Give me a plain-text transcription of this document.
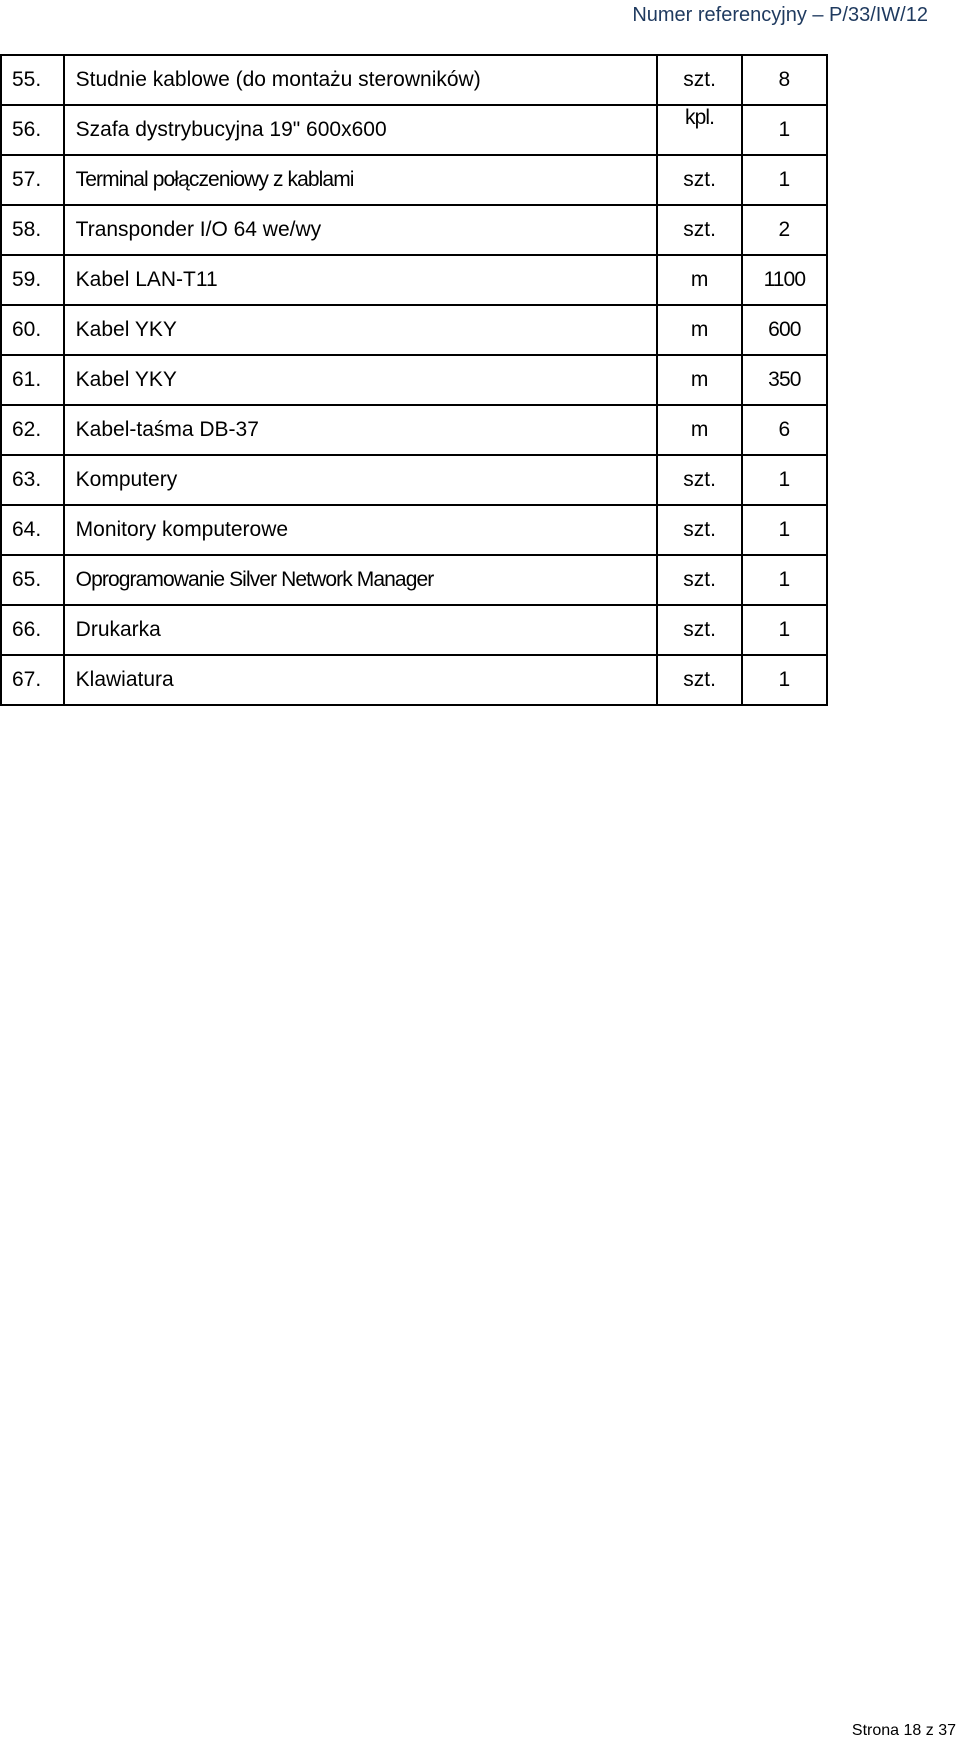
Numer referencyjny – P/33/IW/12
55.	Studnie kablowe (do montażu sterowników)	szt.	8
56.	Szafa dystrybucyjna 19" 600x600	kpl.	1
57.	Terminal połączeniowy z kablami	szt.	1
58.	Transponder I/O 64 we/wy	szt.	2
59.	Kabel LAN-T11	m	1100
60.	Kabel YKY	m	600
61.	Kabel YKY	m	350
62.	Kabel-taśma DB-37	m	6
63.	Komputery	szt.	1
64.	Monitory komputerowe	szt.	1
65.	Oprogramowanie Silver Network Manager	szt.	1
66.	Drukarka	szt.	1
67.	Klawiatura	szt.	1
Strona 18 z 37
